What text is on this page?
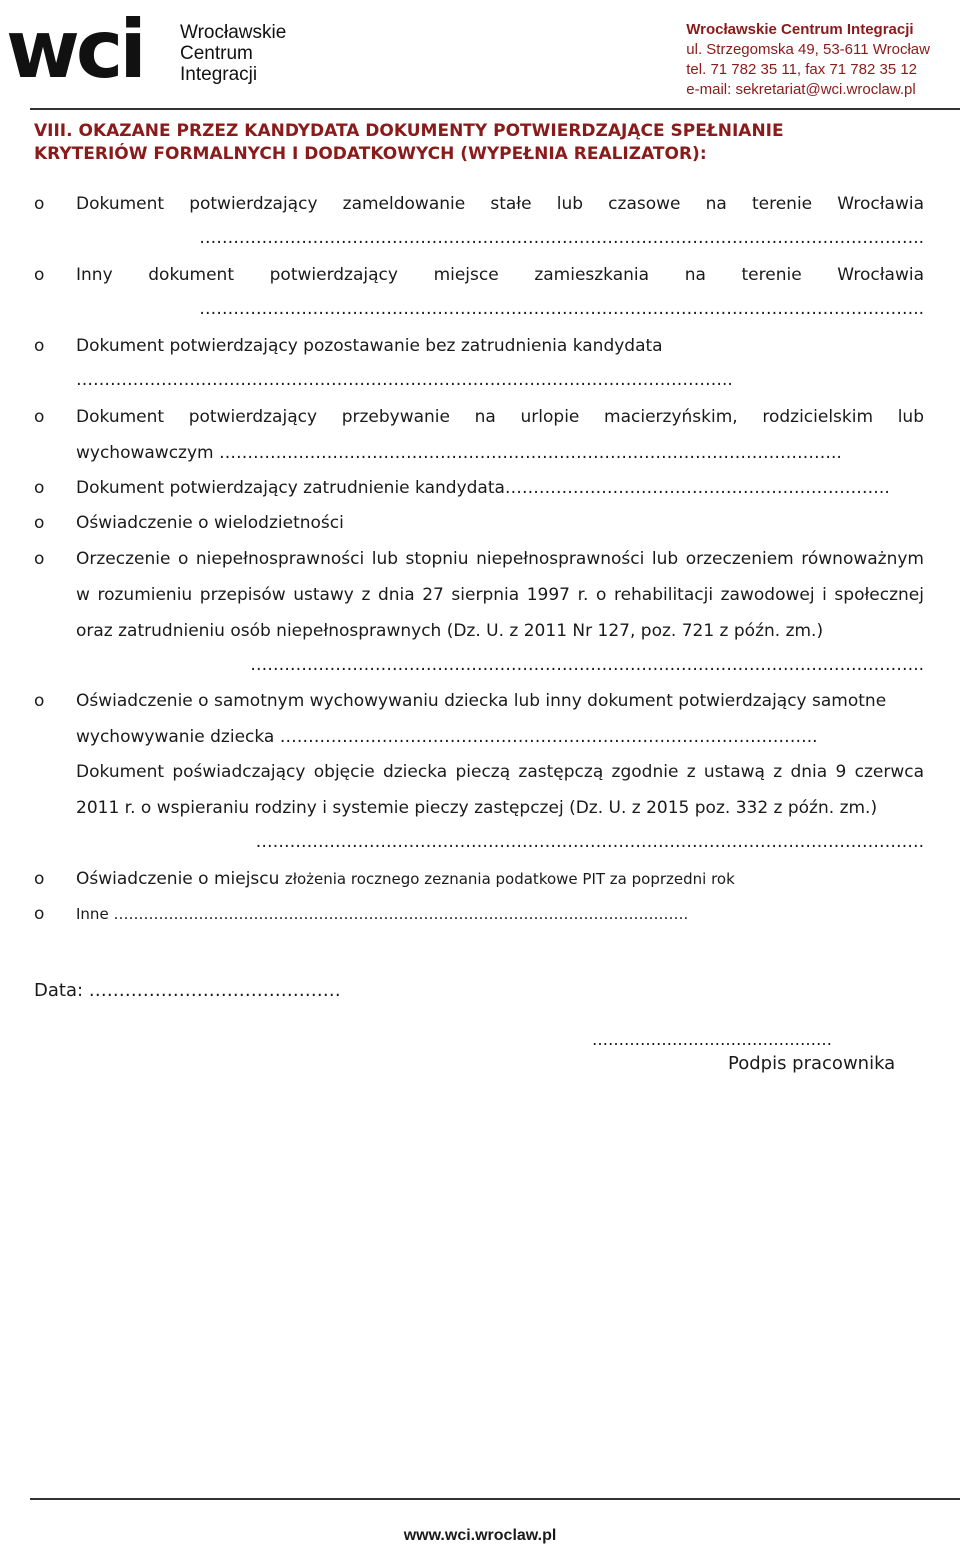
wci Wrocławskie
Centrum
Integracji
Wrocławskie Centrum Integracji
ul. Strzegomska 49, 53-611 Wrocław
tel. 71 782 35 11, fax 71 782 35 12
e-mail: sekretariat@wci.wroclaw.pl
VIII. OKAZANE PRZEZ KANDYDATA DOKUMENTY POTWIERDZAJĄCE SPEŁNIANIE
KRYTERIÓW FORMALNYCH I DODATKOWYCH (WYPEŁNIA REALIZATOR):
o Dokument potwierdzający zameldowanie stałe lub czasowe na terenie Wrocławia
………………………………………………………………………………………………………………..
o Inny dokument potwierdzający miejsce zamieszkania na terenie Wrocławia
………………………………………………………………………………………………………………..
o Dokument potwierdzający pozostawanie bez zatrudnienia kandydata
……………………………………………………………………………………………………..
o Dokument potwierdzający przebywanie na urlopie macierzyńskim, rodzicielskim lub
wychowawczym ………………………………………………………………………………………………..
o Dokument potwierdzający zatrudnienie kandydata…………………………………………………………..
o Oświadczenie o wielodzietności
o Orzeczenie o niepełnosprawności lub stopniu niepełnosprawności lub orzeczeniem równoważnym w rozumieniu przepisów ustawy z dnia 27 sierpnia 1997 r. o rehabilitacji zawodowej i społecznej oraz zatrudnieniu osób niepełnosprawnych (Dz. U. z 2011 Nr 127, poz. 721 z późn. zm.)
………………………………………………………………………………………………………..
o Oświadczenie o samotnym wychowywaniu dziecka lub inny dokument potwierdzający samotne
wychowywanie dziecka …………………………………………………………………………………..
Dokument poświadczający objęcie dziecka pieczą zastępczą zgodnie z ustawą z dnia 9 czerwca 2011 r. o wspieraniu rodziny i systemie pieczy zastępczej (Dz. U. z 2015 poz. 332 z późn. zm.)
……………………………………………………………………………………………………….
o Oświadczenie o miejscu złożenia rocznego zeznania podatkowe PIT za poprzedni rok
o Inne …………………………………………………………………………………………………….
Data: ……………………………………
………………………………………
Podpis pracownika
www.wci.wroclaw.pl
